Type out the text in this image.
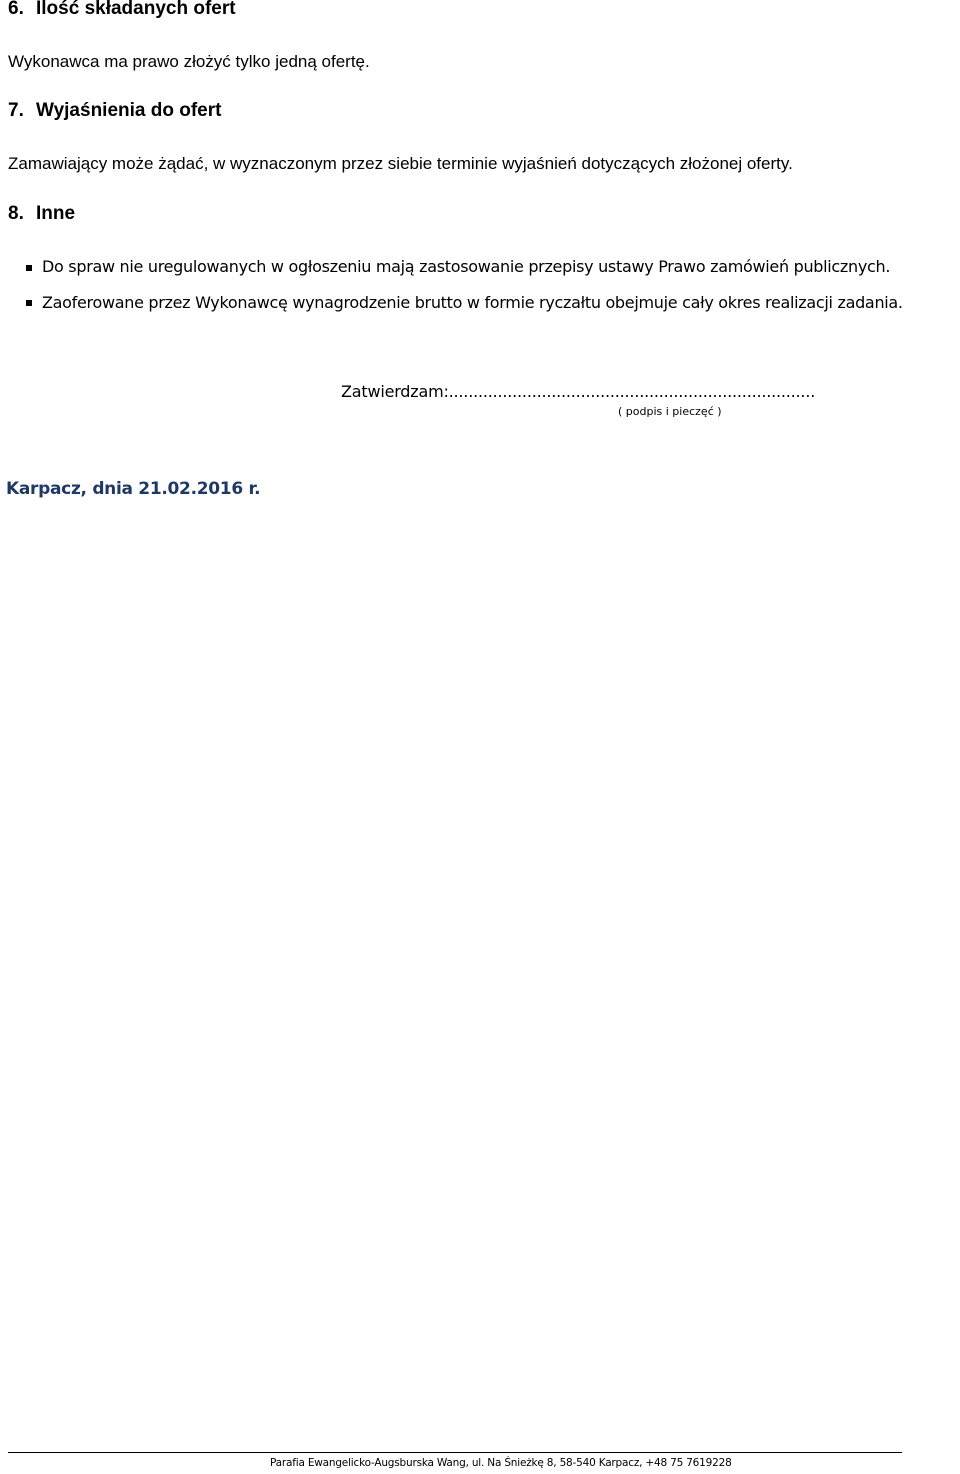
6. Ilość składanych ofert
Wykonawca ma prawo złożyć tylko jedną ofertę.
7. Wyjaśnienia do ofert
Zamawiający może żądać, w wyznaczonym przez siebie terminie wyjaśnień dotyczących złożonej oferty.
8. Inne
Do spraw nie uregulowanych w ogłoszeniu mają zastosowanie przepisy ustawy Prawo zamówień publicznych.
Zaoferowane przez Wykonawcę wynagrodzenie brutto w formie ryczałtu obejmuje cały okres realizacji zadania.
Zatwierdzam:...........................................................................
( podpis i pieczęć )
Karpacz, dnia 21.02.2016 r.
Parafia Ewangelicko-Augsburska Wang, ul. Na Śnieżkę 8, 58-540 Karpacz, +48 75 7619228
